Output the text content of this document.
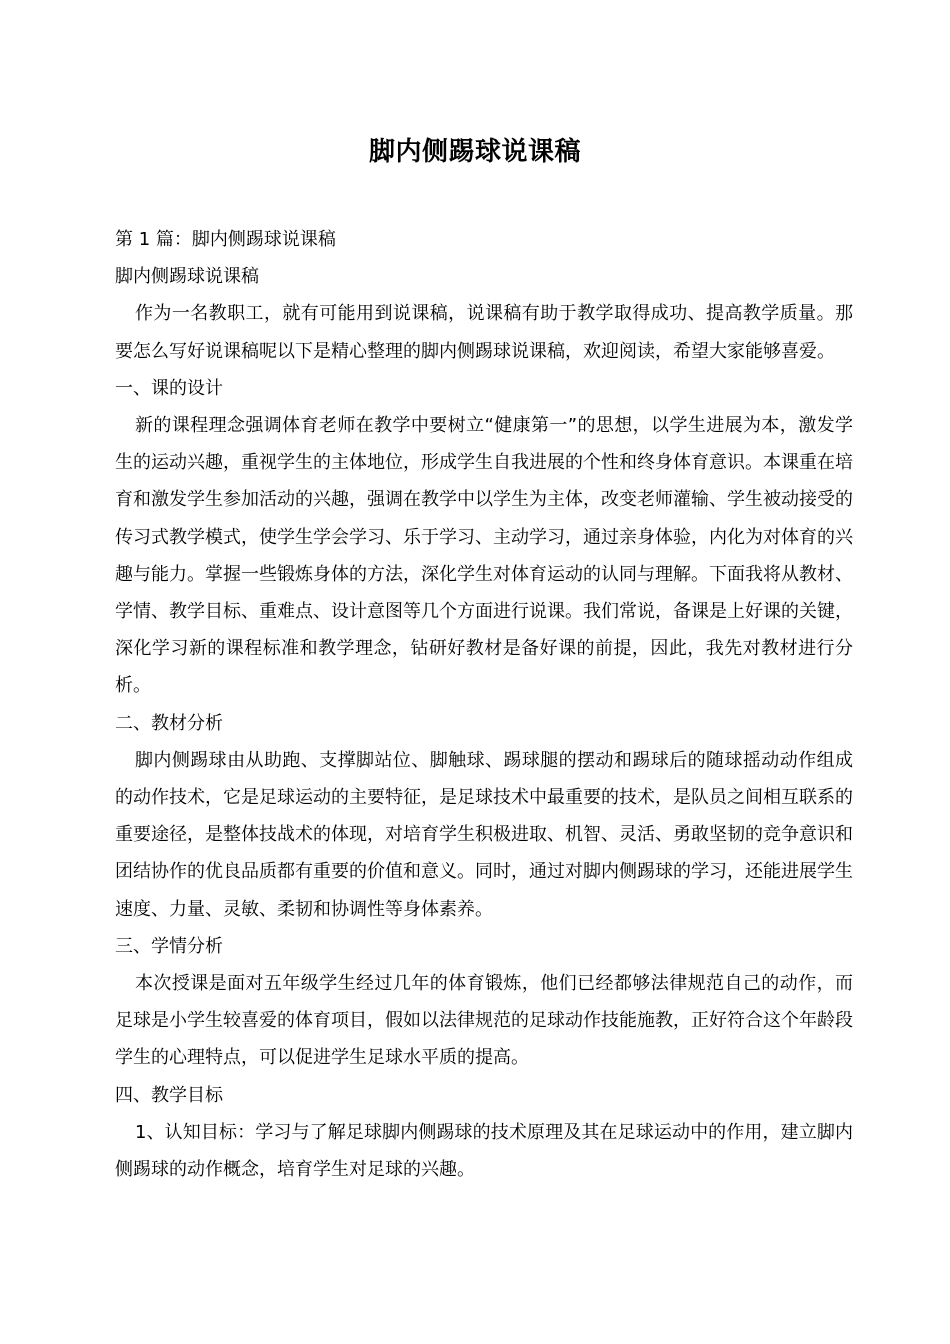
脚内侧踢球说课稿

第 1 篇：脚内侧踢球说课稿

脚内侧踢球说课稿

作为一名教职工，就有可能用到说课稿，说课稿有助于教学取得成功、提高教学质量。那要怎么写好说课稿呢以下是精心整理的脚内侧踢球说课稿，欢迎阅读，希望大家能够喜爱。

一、课的设计

新的课程理念强调体育老师在教学中要树立“健康第一”的思想，以学生进展为本，激发学生的运动兴趣，重视学生的主体地位，形成学生自我进展的个性和终身体育意识。本课重在培育和激发学生参加活动的兴趣，强调在教学中以学生为主体，改变老师灌输、学生被动接受的传习式教学模式，使学生学会学习、乐于学习、主动学习，通过亲身体验，内化为对体育的兴趣与能力。掌握一些锻炼身体的方法，深化学生对体育运动的认同与理解。下面我将从教材、学情、教学目标、重难点、设计意图等几个方面进行说课。我们常说，备课是上好课的关键，深化学习新的课程标准和教学理念，钻研好教材是备好课的前提，因此，我先对教材进行分析。

二、教材分析

脚内侧踢球由从助跑、支撑脚站位、脚触球、踢球腿的摆动和踢球后的随球摇动动作组成的动作技术，它是足球运动的主要特征，是足球技术中最重要的技术，是队员之间相互联系的重要途径，是整体技战术的体现，对培育学生积极进取、机智、灵活、勇敢坚韧的竞争意识和团结协作的优良品质都有重要的价值和意义。同时，通过对脚内侧踢球的学习，还能进展学生速度、力量、灵敏、柔韧和协调性等身体素养。

三、学情分析

本次授课是面对五年级学生经过几年的体育锻炼，他们已经都够法律规范自己的动作，而足球是小学生较喜爱的体育项目，假如以法律规范的足球动作技能施教，正好符合这个年龄段学生的心理特点，可以促进学生足球水平质的提高。

四、教学目标

1、认知目标：学习与了解足球脚内侧踢球的技术原理及其在足球运动中的作用，建立脚内侧踢球的动作概念，培育学生对足球的兴趣。
